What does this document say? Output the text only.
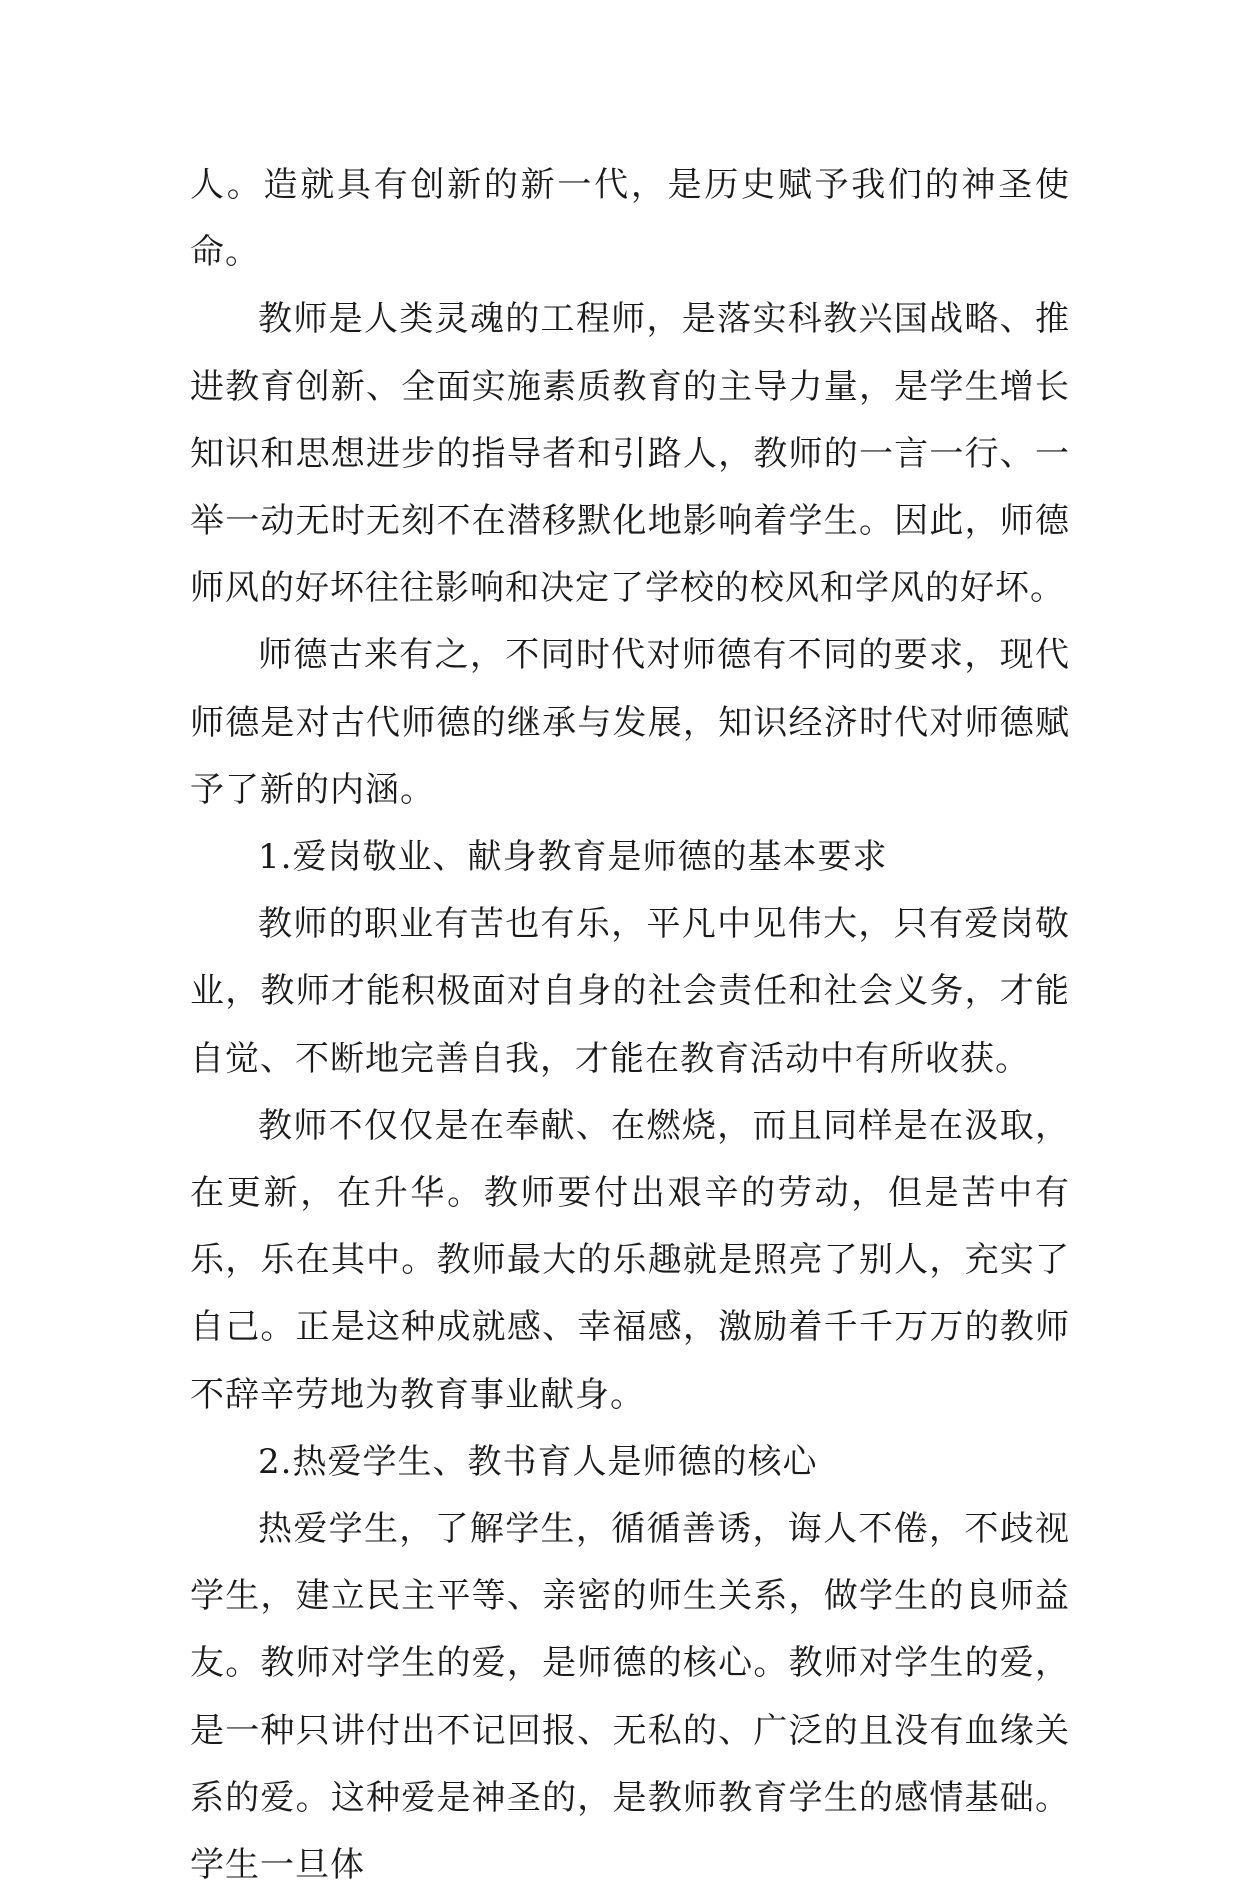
人。造就具有创新的新一代，是历史赋予我们的神圣使命。

教师是人类灵魂的工程师，是落实科教兴国战略、推进教育创新、全面实施素质教育的主导力量，是学生增长知识和思想进步的指导者和引路人，教师的一言一行、一举一动无时无刻不在潜移默化地影响着学生。因此，师德师风的好坏往往影响和决定了学校的校风和学风的好坏。

师德古来有之，不同时代对师德有不同的要求，现代师德是对古代师德的继承与发展，知识经济时代对师德赋予了新的内涵。

1.爱岗敬业、献身教育是师德的基本要求

教师的职业有苦也有乐，平凡中见伟大，只有爱岗敬业，教师才能积极面对自身的社会责任和社会义务，才能自觉、不断地完善自我，才能在教育活动中有所收获。

教师不仅仅是在奉献、在燃烧，而且同样是在汲取，在更新，在升华。教师要付出艰辛的劳动，但是苦中有乐，乐在其中。教师最大的乐趣就是照亮了别人，充实了自己。正是这种成就感、幸福感，激励着千千万万的教师不辞辛劳地为教育事业献身。

2.热爱学生、教书育人是师德的核心

热爱学生，了解学生，循循善诱，诲人不倦，不歧视学生，建立民主平等、亲密的师生关系，做学生的良师益友。教师对学生的爱，是师德的核心。教师对学生的爱，是一种只讲付出不记回报、无私的、广泛的且没有血缘关系的爱。这种爱是神圣的，是教师教育学生的感情基础。学生一旦体
